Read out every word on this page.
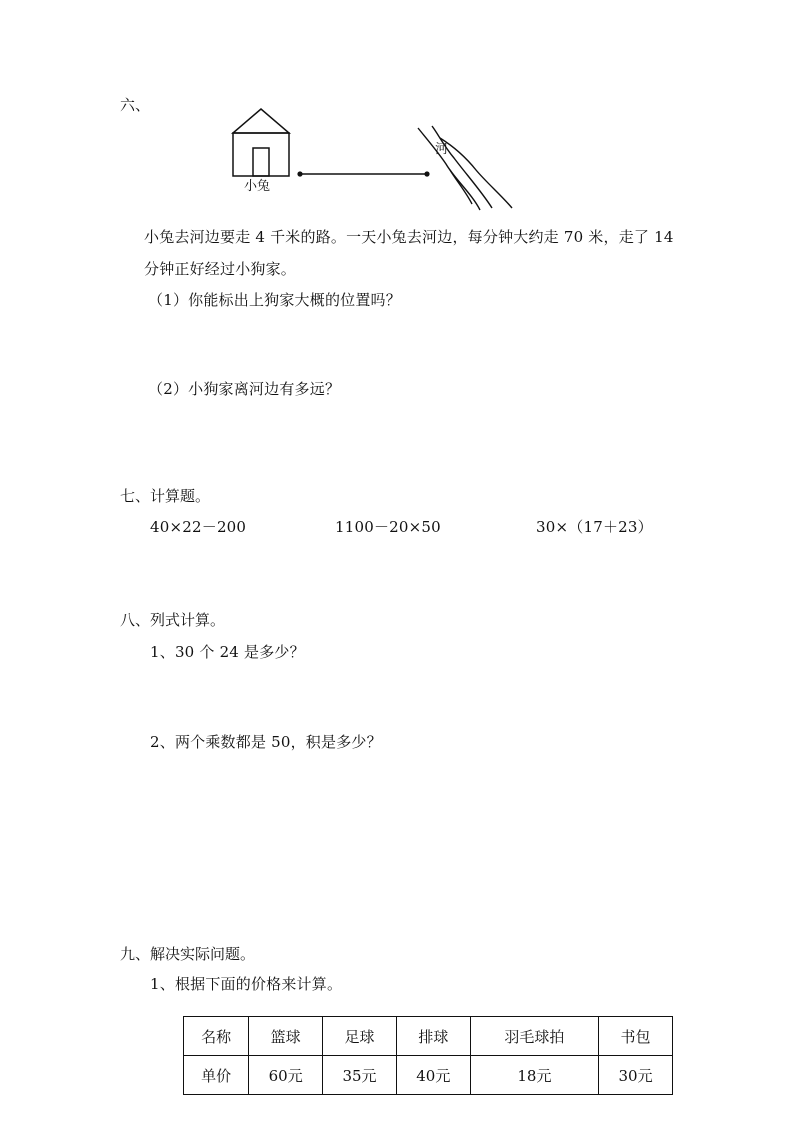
六、
小兔
河
小兔去河边要走 4 千米的路。一天小兔去河边，每分钟大约走 70 米，走了 14
分钟正好经过小狗家。
（1）你能标出上狗家大概的位置吗？
（2）小狗家离河边有多远？
七、计算题。
40×22－200	1100－20×50	30×（17＋23）
八、列式计算。
1、30 个 24 是多少？
2、两个乘数都是 50，积是多少？
九、解决实际问题。
1、根据下面的价格来计算。
名称	篮球	足球	排球	羽毛球拍	书包
单价	60元	35元	40元	18元	30元
